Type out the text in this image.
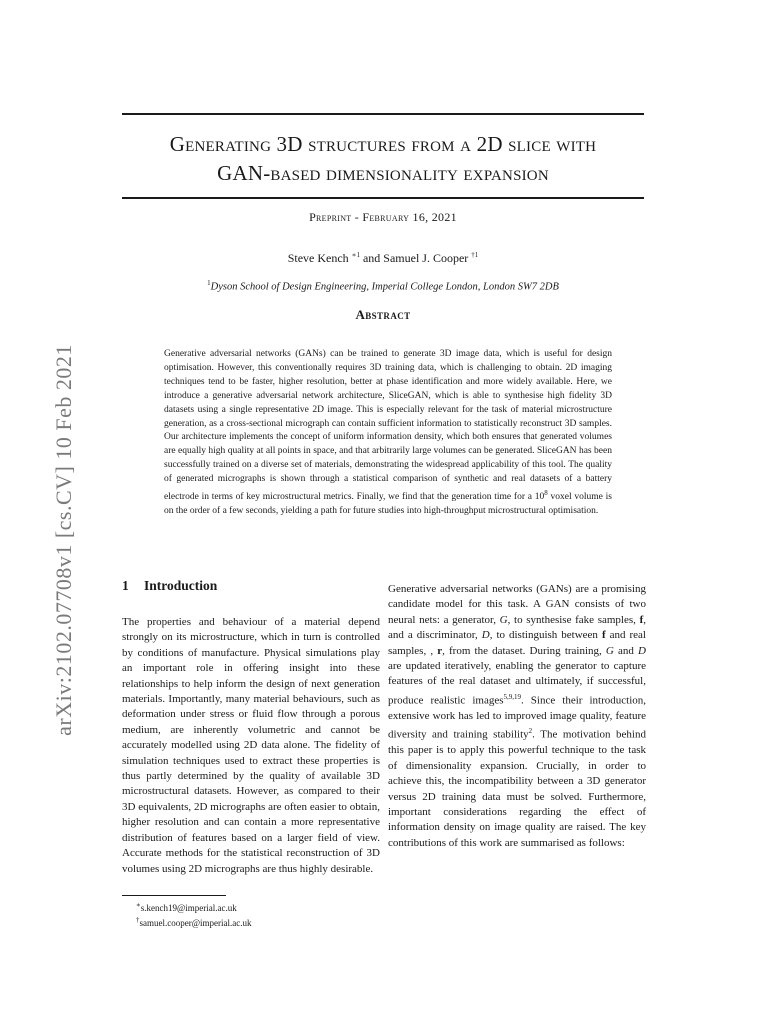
arXiv:2102.07708v1 [cs.CV] 10 Feb 2021
Generating 3D structures from a 2D slice with
GAN-based dimensionality expansion
Preprint - February 16, 2021
Steve Kench $^{∗1}$ and Samuel J. Cooper $^{\dagger 1}$
$^1$Dyson School of Design Engineering, Imperial College London, London SW7 2DB
Abstract
Generative adversarial networks (GANs) can be trained to generate 3D image data, which is useful for design optimisation. However, this conventionally requires 3D training data, which is challenging to obtain. 2D imaging techniques tend to be faster, higher resolution, better at phase identification and more widely available. Here, we introduce a generative adversarial network architecture, SliceGAN, which is able to synthesise high fidelity 3D datasets using a single representative 2D image. This is especially relevant for the task of material microstructure generation, as a cross-sectional micrograph can contain sufficient information to statistically reconstruct 3D samples. Our architecture implements the concept of uniform information density, which both ensures that generated volumes are equally high quality at all points in space, and that arbitrarily large volumes can be generated. SliceGAN has been successfully trained on a diverse set of materials, demonstrating the widespread applicability of this tool. The quality of generated micrographs is shown through a statistical comparison of synthetic and real datasets of a battery electrode in terms of key microstructural metrics. Finally, we find that the generation time for a $10^8$ voxel volume is on the order of a few seconds, yielding a path for future studies into high-throughput microstructural optimisation.
1 Introduction

The properties and behaviour of a material depend strongly on its microstructure, which in turn is controlled by conditions of manufacture. Physical simulations play an important role in offering insight into these relationships to help inform the design of next generation materials. Importantly, many material behaviours, such as deformation under stress or fluid flow through a porous medium, are inherently volumetric and cannot be accurately modelled using 2D data alone. The fidelity of simulation techniques used to extract these properties is thus partly determined by the quality of available 3D microstructural datasets. However, as compared to their 3D equivalents, 2D micrographs are often easier to obtain, higher resolution and can contain a more representative distribution of features based on a larger field of view. Accurate methods for the statistical reconstruction of 3D volumes using 2D micrographs are thus highly desirable.

Generative adversarial networks (GANs) are a promising candidate model for this task. A GAN consists of two neural nets: a generator, G, to synthesise fake samples, f, and a discriminator, D, to distinguish between f and real samples, , r, from the dataset. During training, G and D are updated iteratively, enabling the generator to capture features of the real dataset and ultimately, if successful, produce realistic images$^{5,9,19}$. Since their introduction, extensive work has led to improved image quality, feature diversity and training stability$^2$. The motivation behind this paper is to apply this powerful technique to the task of dimensionality expansion. Crucially, in order to achieve this, the incompatibility between a 3D generator versus 2D training data must be solved. Furthermore, important considerations regarding the effect of information density on image quality are raised. The key contributions of this work are summarised as follows:

∗s.kench19@imperial.ac.uk
†samuel.cooper@imperial.ac.uk
